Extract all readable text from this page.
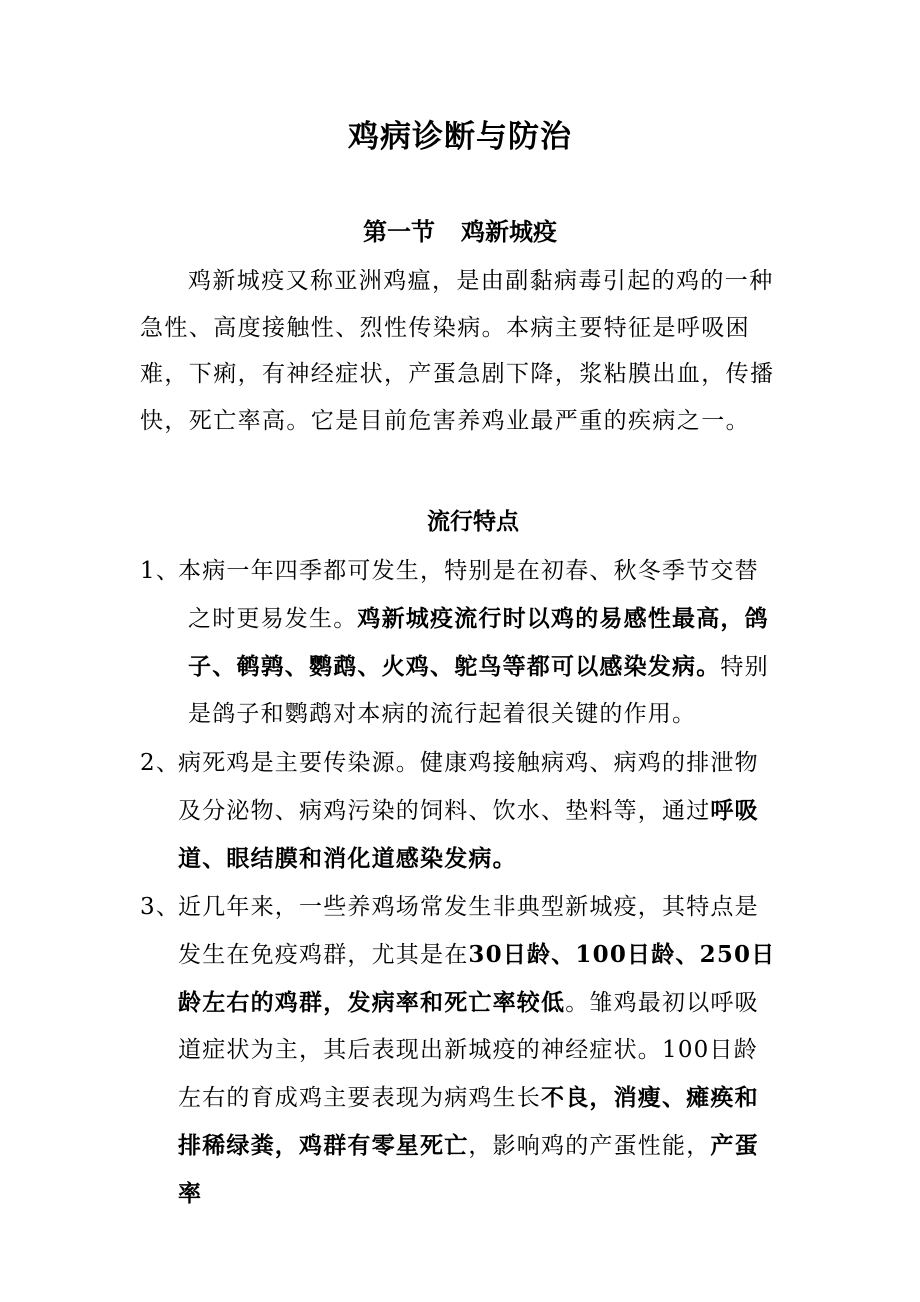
鸡病诊断与防治
第一节 鸡新城疫

鸡新城疫又称亚洲鸡瘟，是由副黏病毒引起的鸡的一种急性、高度接触性、烈性传染病。本病主要特征是呼吸困难，下痢，有神经症状，产蛋急剧下降，浆粘膜出血，传播快，死亡率高。它是目前危害养鸡业最严重的疾病之一。

流行特点
1、
本病一年四季都可发生，特别是在初春、秋冬季节交替之时更易发生。鸡新城疫流行时以鸡的易感性最高，鸽子、鹌鹑、鹦鹉、火鸡、鸵鸟等都可以感染发病。特别是鸽子和鹦鹉对本病的流行起着很关键的作用。
2、
病死鸡是主要传染源。健康鸡接触病鸡、病鸡的排泄物及分泌物、病鸡污染的饲料、饮水、垫料等，通过呼吸道、眼结膜和消化道感染发病。
3、
近几年来，一些养鸡场常发生非典型新城疫，其特点是发生在免疫鸡群，尤其是在30日龄、100日龄、250日龄左右的鸡群，发病率和死亡率较低。雏鸡最初以呼吸道症状为主，其后表现出新城疫的神经症状。100日龄左右的育成鸡主要表现为病鸡生长不良，消瘦、瘫痪和排稀绿粪，鸡群有零星死亡，影响鸡的产蛋性能，产蛋率
